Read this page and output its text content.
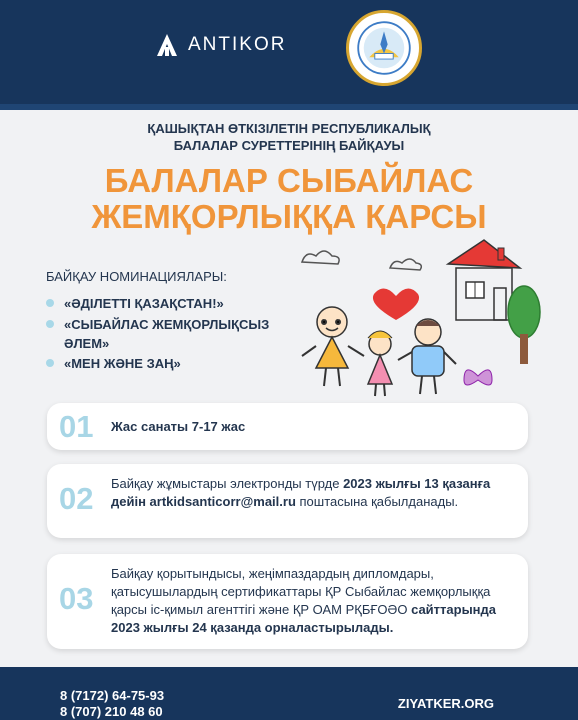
ANTIKOR
ҚАШЫҚТАН ӨТКІЗІЛЕТІН РЕСПУБЛИКАЛЫҚ
БАЛАЛАР СУРЕТТЕРІНІҢ БАЙҚАУЫ
БАЛАЛАР СЫБАЙЛАС
ЖЕМҚОРЛЫҚҚА ҚАРСЫ
БАЙҚАУ НОМИНАЦИЯЛАРЫ:
«ӘДІЛЕТТІ ҚАЗАҚСТАН!»
«СЫБАЙЛАС ЖЕМҚОРЛЫҚСЫЗ ӘЛЕМ»
«МЕН ЖӘНЕ ЗАҢ»
01 Жас санаты 7-17 жас
02 Байқау жұмыстары электронды түрде 2023 жылғы 13 қазанға дейін artkidsanticorr@mail.ru поштасына қабылданады.
03
Байқау қорытындысы, жеңімпаздардың дипломдары, қатысушылардың сертификаттары ҚР Сыбайлас жемқорлыққа қарсы іс-қимыл агенттігі және ҚР ОАМ РҚБҒОӘО сайттарында 2023 жылғы 24 қазанда орналастырылады.
8 (7172) 64-75-93
8 (707) 210 48 60
ZIYATKER.ORG
